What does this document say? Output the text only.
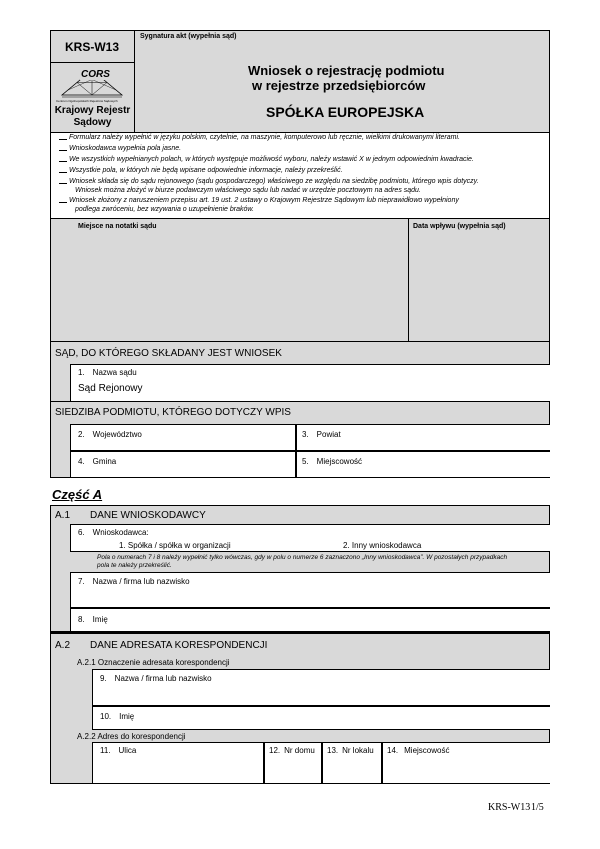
KRS-W13
Sygnatura akt (wypełnia sąd)
CORS
Centrum Ogólnopolskich Rejestrów Sądowych
Krajowy Rejestr
Sądowy
Wniosek o rejestrację podmiotu
w rejestrze przedsiębiorców
SPÓŁKA EUROPEJSKA
Formularz należy wypełnić w języku polskim, czytelnie, na maszynie, komputerowo lub ręcznie, wielkimi drukowanymi literami.
Wnioskodawca wypełnia pola jasne.
We wszystkich wypełnianych polach, w których występuje możliwość wyboru, należy wstawić X w jednym odpowiednim kwadracie.
Wszystkie pola, w których nie będą wpisane odpowiednie informacje, należy przekreślić.
Wniosek składa się do sądu rejonowego (sądu gospodarczego) właściwego ze względu na siedzibę podmiotu, którego wpis dotyczy.
Wniosek można złożyć w biurze podawczym właściwego sądu lub nadać w urzędzie pocztowym na adres sądu.
Wniosek złożony z naruszeniem przepisu art. 19 ust. 2 ustawy o Krajowym Rejestrze Sądowym lub nieprawidłowo wypełniony
podlega zwróceniu, bez wzywania o uzupełnienie braków.
Miejsce na notatki sądu	Data wpływu (wypełnia sąd)
SĄD, DO KTÓREGO SKŁADANY JEST WNIOSEK
1. Nazwa sądu
Sąd Rejonowy
SIEDZIBA PODMIOTU, KTÓREGO DOTYCZY WPIS
2. Województwo	3. Powiat
4. Gmina	5. Miejscowość
Część A
A.1 DANE WNIOSKODAWCY
6. Wnioskodawca:
1. Spółka / spółka w organizacji	2. Inny wnioskodawca
Pola o numerach 7 i 8 należy wypełnić tylko wówczas, gdy w polu o numerze 6 zaznaczono „Inny wnioskodawca”. W pozostałych przypadkach
pola te należy przekreślić.
7. Nazwa / firma lub nazwisko
8. Imię
A.2 DANE ADRESATA KORESPONDENCJI
A.2.1 Oznaczenie adresata korespondencji
9. Nazwa / firma lub nazwisko
10. Imię
A.2.2 Adres do korespondencji
11. Ulica	12. Nr domu 13. Nr lokalu 14. Miejscowość
KRS-W13 1/5
